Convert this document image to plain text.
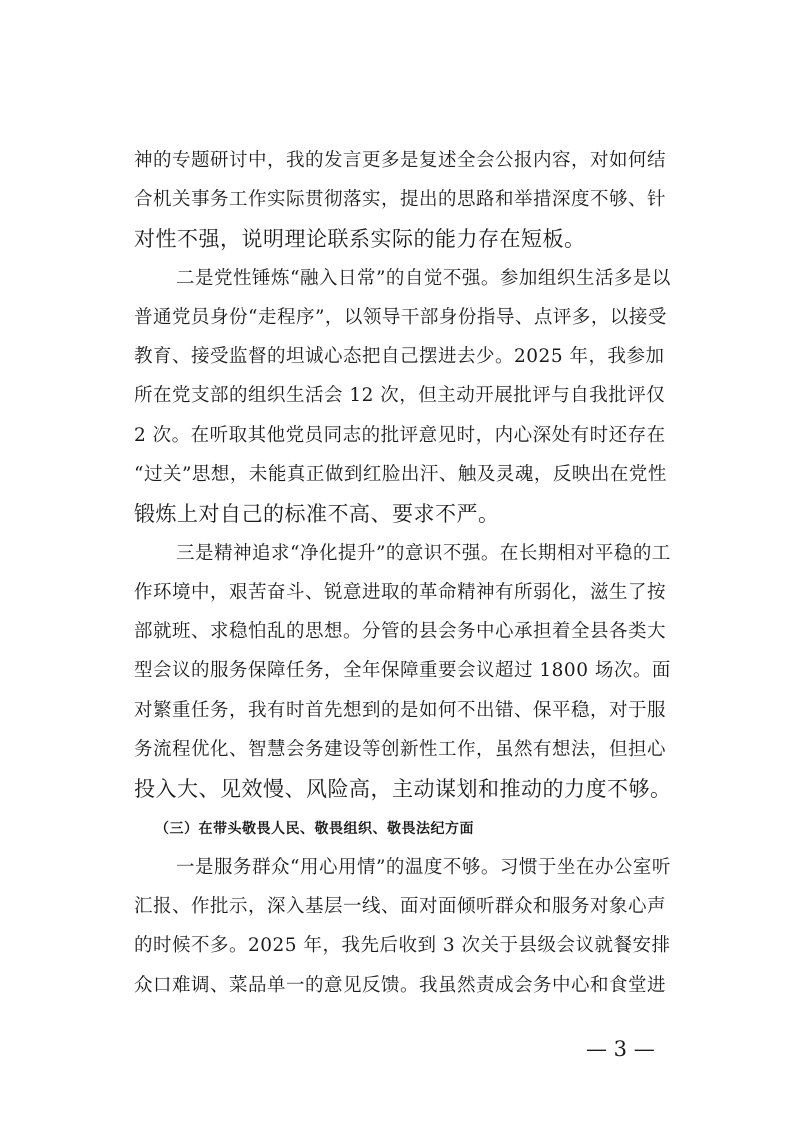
神的专题研讨中，我的发言更多是复述全会公报内容，对如何结
合机关事务工作实际贯彻落实，提出的思路和举措深度不够、针
对性不强，说明理论联系实际的能力存在短板。
二是党性锤炼“融入日常”的自觉不强。参加组织生活多是以
普通党员身份“走程序”，以领导干部身份指导、点评多，以接受
教育、接受监督的坦诚心态把自己摆进去少。2025 年，我参加
所在党支部的组织生活会 12 次，但主动开展批评与自我批评仅
2 次。在听取其他党员同志的批评意见时，内心深处有时还存在
“过关”思想，未能真正做到红脸出汗、触及灵魂，反映出在党性
锻炼上对自己的标准不高、要求不严。
三是精神追求“净化提升”的意识不强。在长期相对平稳的工
作环境中，艰苦奋斗、锐意进取的革命精神有所弱化，滋生了按
部就班、求稳怕乱的思想。分管的县会务中心承担着全县各类大
型会议的服务保障任务，全年保障重要会议超过 1800 场次。面
对繁重任务，我有时首先想到的是如何不出错、保平稳，对于服
务流程优化、智慧会务建设等创新性工作，虽然有想法，但担心
投入大、见效慢、风险高，主动谋划和推动的力度不够。
（三）在带头敬畏人民、敬畏组织、敬畏法纪方面
一是服务群众“用心用情”的温度不够。习惯于坐在办公室听
汇报、作批示，深入基层一线、面对面倾听群众和服务对象心声
的时候不多。2025 年，我先后收到 3 次关于县级会议就餐安排
众口难调、菜品单一的意见反馈。我虽然责成会务中心和食堂进
— 3 —
